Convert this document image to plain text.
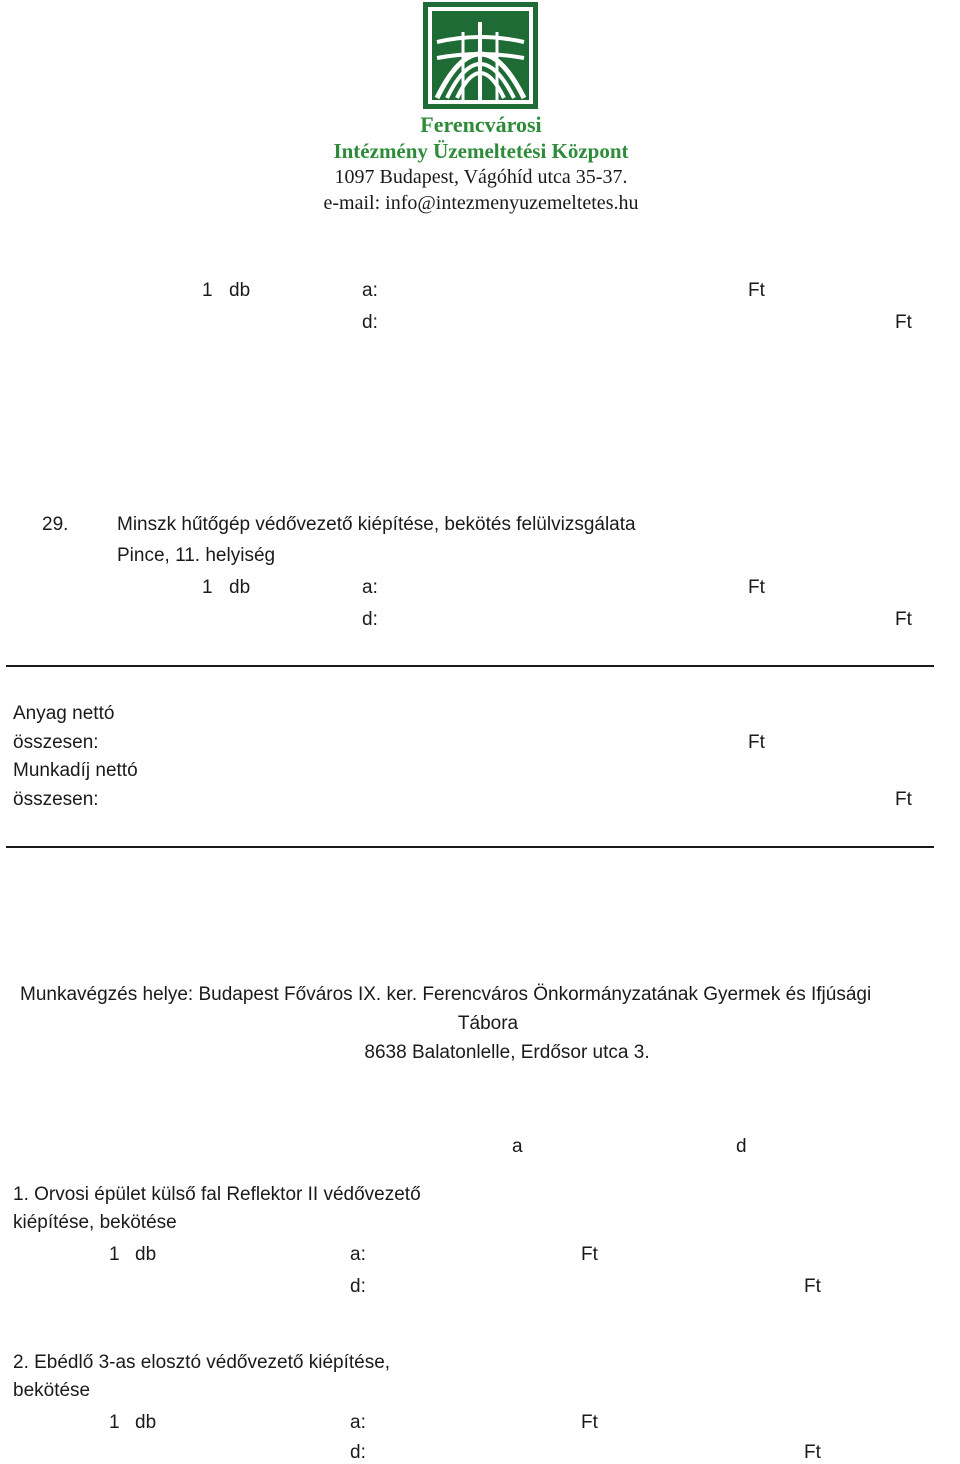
Ferencvárosi
Intézmény Üzemeltetési Központ
1097 Budapest, Vágóhíd utca 35-37.
e-mail: info@intezmenyuzemeltetes.hu
1 db	a:	Ft
d:	Ft
29.	Minszk hűtőgép védővezető kiépítése, bekötés felülvizsgálata
Pince, 11. helyiség
1 db	a:	Ft
d:	Ft
Anyag nettó
összesen:	Ft
Munkadíj nettó
összesen:	Ft
Munkavégzés helye: Budapest Főváros IX. ker. Ferencváros Önkormányzatának Gyermek és Ifjúsági
Tábora
8638 Balatonlelle, Erdősor utca 3.
a	d
1. Orvosi épület külső fal Reflektor II védővezető
kiépítése, bekötése
1 db	a:	Ft
d:	Ft
2. Ebédlő 3-as elosztó védővezető kiépítése,
bekötése
1 db	a:	Ft
d:	Ft
